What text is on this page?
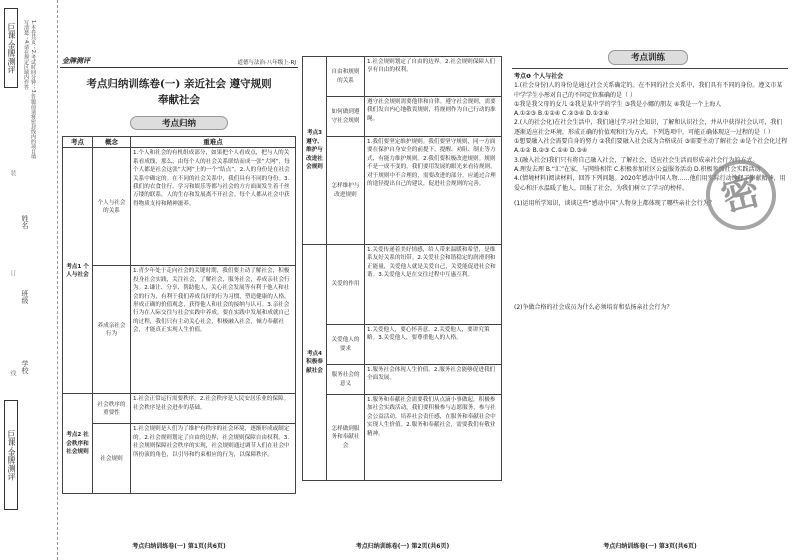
巨课·金牌测评	1.本卷共页；2.考试时间分钟；3.答题前请将密封线内的项目填写清楚；4.请在规定区域内作答
姓名
班级
学校
装
订
线
巨课·金牌测评
金牌测评	道德与法治·八年级上·RJ
考点归纳训练卷(一) 亲近社会 遵守规则
奉献社会
考点归纳
考点	概念	重难点
考点1 个人与社会	个人与社会的关系	1.个人和社会的有机组成部分，如果把个人看成点，把与人的关系看成线，那么，由每个人的社会关系联结而成一张“大网”，每个人都是社会这张“大网”上的一个“结点”。2.人的身份是在社会关系中确定的。在不同的社会关系中，我们具有不同的身份。3.我们的衣食住行、学习和娱乐等都与社会的方方面面发生着千丝万缕的联系，人的生存和发展离不开社会。每个人都从社会中获得物质支持和精神滋养。
	养成亲社会行为	1.青少年处于走向社会的关键时期，我们要主动了解社会，积极投身社会实践，关注社会，了解社会，服务社会，养成亲社会行为。2.谦让、分享、帮助他人，关心社会发展等有利于他人和社会的行为，有利于我们养成良好的行为习惯，塑造健康的人格，形成正确的价值观念，获得他人和社会的接纳与认可。3.亲社会行为在人际交往与社会实践中养成。要在实践中发展和成就自己的过程，我们只有主动关心社会，积极融入社会，倾力奉献社会，才能真正实现人生价值。
考点2 社会秩序和社会规则	社会秩序的重要性	1.社会正常运行需要秩序。2.社会秩序是人民安居乐业的保障。社会秩序是社会进步的基础。
	社会规则	1.社会规则是人们为了维护有秩序的社会环境，逐渐形成或制定的。2.社会规则划定了自由的边界，社会规则保障自由权利。3.社会规则保障社会秩序的实现，社会规则通过调节人们在社会中所扮演的角色，以引导和约束相应的行为，以保障秩序。
考点归纳训练卷(一) 第1页(共6页)
考点3 遵守、维护与改进社会规则	自由和规则的关系	1.社会规则划定了自由的边界。2.社会规则保障人们享有自由的权利。
	如何做到遵守社会规则	遵守社会规则需要他律和自律。遵守社会规则，需要我们发自内心地敬畏规则，将规则作为自己行动的准绳。
	怎样维护与改进规则	1.我们要坚定维护规则。我们要坚守规则，同一方面要在保护自身安全的前提下，提醒、劝阻、制止等方式，有能力维护规则。2.我们要积极改进规则。规则不是一成不变的，我们要用发展的眼光来看待规则，对于规则中不合理的，需要改进的部分，应通过合理的途径提出自己的建议，促进社会规则的完善。
考点4 积极奉献社会	关爱的作用	1.关爱传递着美好情感，给人带来温暖和希望，是维系友好关系的纽带。2.关爱社会和谐稳定的润滑剂和正能量，关爱他人就是关爱自己，关爱能促进社会和谐。3.关爱他人是在交往过程中互惠互利。
	关爱他人的要求	1.关爱他人，要心怀善意。2.关爱他人，要讲究策略。3.关爱他人，要尊重他人的人格。
	服务社会的意义	1.服务社会体现人生价值。2.服务社会能够促进我们全面发展。
	怎样做到服务和奉献社会	1.服务和奉献社会需要我们从点滴小事做起，积极参加社会实践活动，我们要积极参与志愿服务，参与社会公益活动，培养社会责任感，在服务和奉献社会中实现人生价值。2.服务和奉献社会，需要我们有敬业精神。
考点归纳训练卷(一) 第2页(共6页)
考点训练

考点❶ 个人与社会

1.(社会身份)人的身份是通过社会关系确定的。在不同的社会关系中，我们具有不同的身份。遵义市某中学学生小彤对自己的不同定位准确的是（ ）

①我是我父母的女儿 ②我是某中学的学生 ③我是小娜的朋友 ④我是一个上海人

A.①②③ B.①②④ C.②③④ D.①③④

2.(人的社会化)在社会生活中，我们通过学习社会知识，了解和认识社会，并从中获得社会认可，我们逐渐适应社会环境，形成正确的价值观和行为方式。下列选项中，可能正确体现这一过程的是（ ）

①想要融入社会需要自身的努力 ②我们要融入社会成为合格成员 ③需要主动了解社会 ④是个社会化过程

A.①② B.②③ C.①④ D.③④

3.(融入社会)我们只有将自己融入社会，了解社会，适应社会生活而形成亲社会行为的方式。

A.理发去理 B.“汇”在家，与网络相伴 C.积极参加社区公益服务活动 D.积极参加社会实践活动

4.(情境材料)阅读材料，回答下列问题。2020年感动中国人物……他们用实际行动诠释了奉献精神，用爱心和汗水温暖了他人，回报了社会，为我们树立了学习的榜样。

(1)运用所学知识，谈谈这些“感动中国”人物身上都体现了哪些亲社会行为？

(2)争做合格的社会成员为什么必须培育和弘扬亲社会行为？

密
考点归纳训练卷(一) 第3页(共6页)
